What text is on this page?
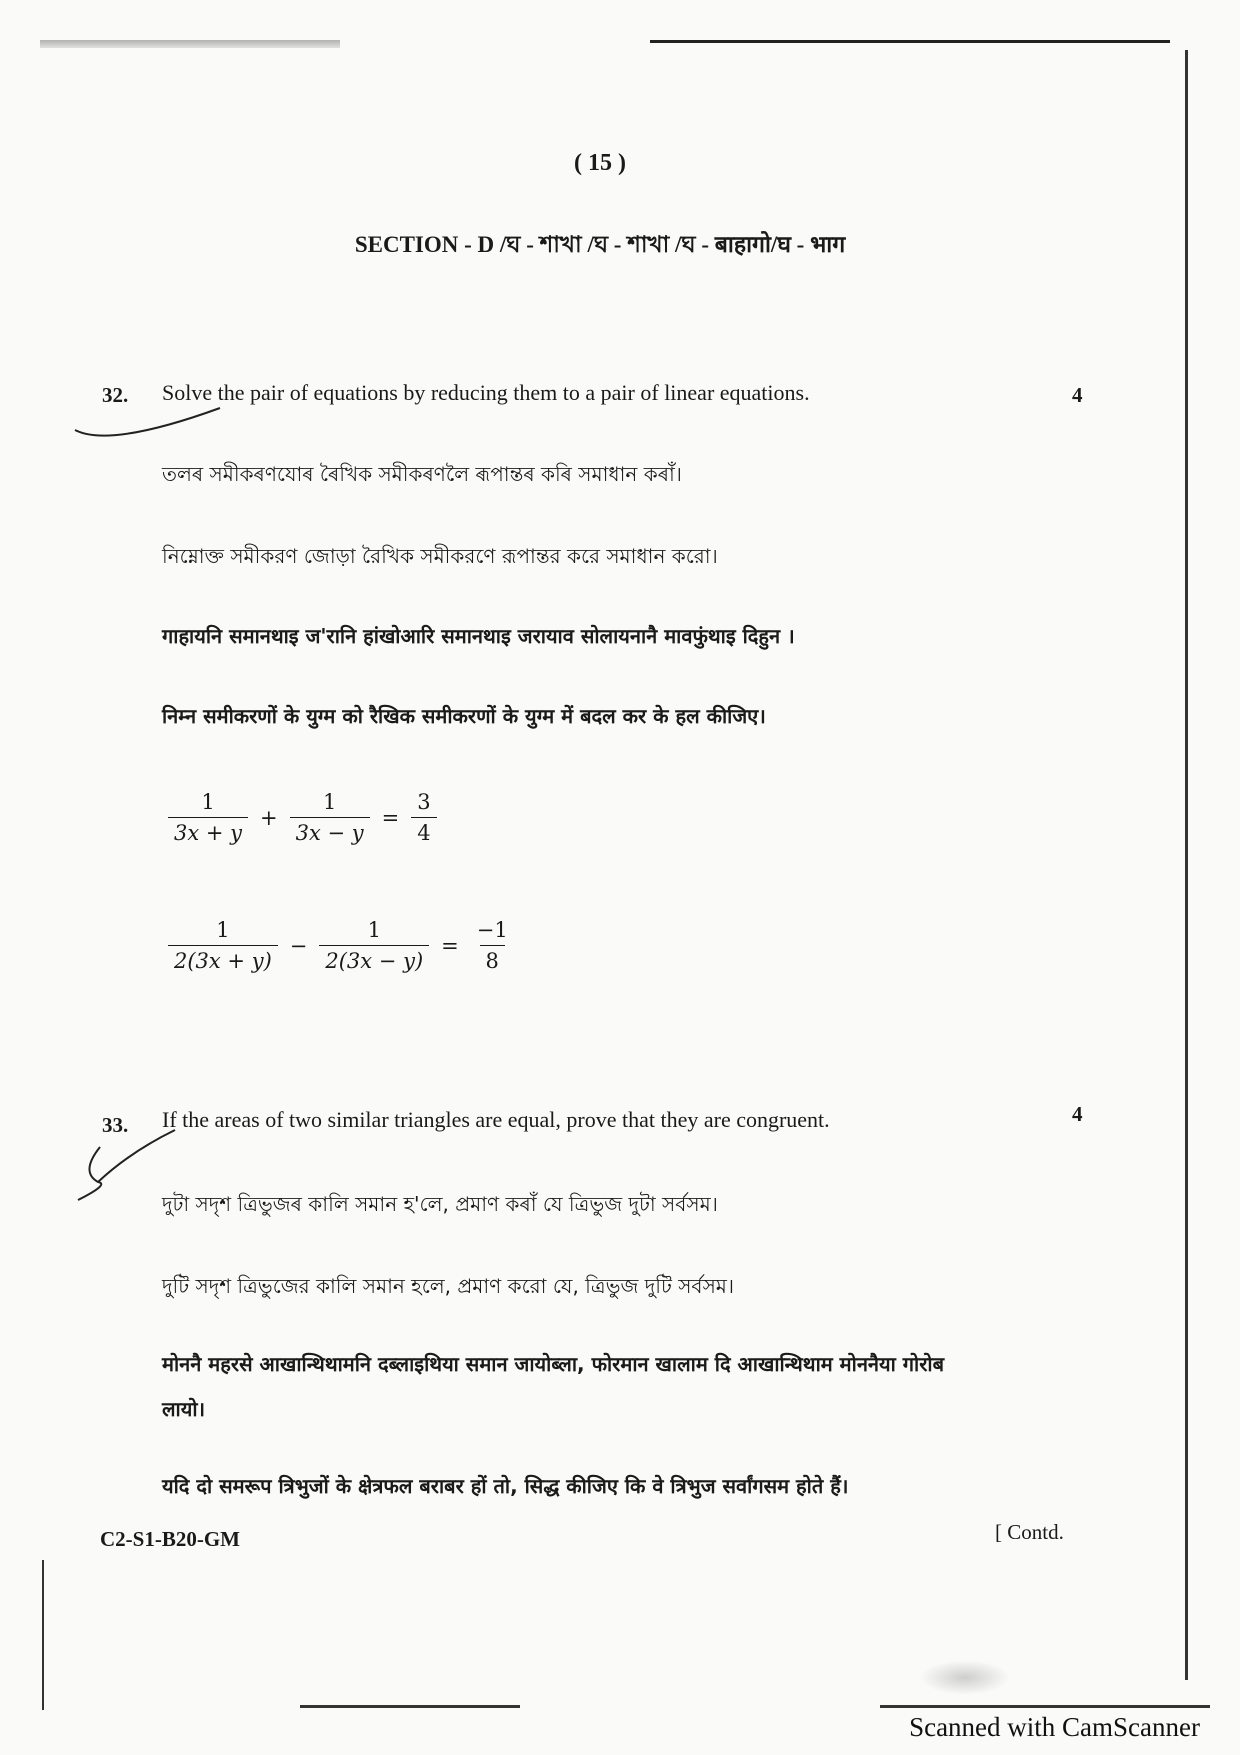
( 15 )
SECTION - D /ঘ - শাখা /ঘ - শাখা /ঘ - बाहागो/घ - भाग
32.	4
Solve the pair of equations by reducing them to a pair of linear equations.
তলৰ সমীকৰণযোৰ ৰৈখিক সমীকৰণলৈ ৰূপান্তৰ কৰি সমাধান কৰাঁ।
নিম্নোক্ত সমীকরণ জোড়া রৈখিক সমীকরণে রূপান্তর করে সমাধান করো।
गाहायनि समानथाइ ज'रानि हांखोआरि समानथाइ जरायाव सोलायनानै मावफुंथाइ दिहुन ।
निम्न समीकरणों के युग्म को रैखिक समीकरणों के युग्म में बदल कर के हल कीजिए।
$\frac{1}{3x + y} + \frac{1}{3x - y} = \frac{3}{4}$
$\frac{1}{2(3x + y)} - \frac{1}{2(3x - y)} = \frac{-1}{8}$
33.	4
If the areas of two similar triangles are equal, prove that they are congruent.
দুটা সদৃশ ত্ৰিভুজৰ কালি সমান হ'লে, প্ৰমাণ কৰাঁ যে ত্ৰিভুজ দুটা সৰ্বসম।
দুটি সদৃশ ত্রিভুজের কালি সমান হলে, প্রমাণ করো যে, ত্রিভুজ দুটি সর্বসম।
मोननै महरसे आखान्थिथामनि दब्लाइथिया समान जायोब्ला, फोरमान खालाम दि आखान्थिथाम मोननैया गोरोब
लायो।
यदि दो समरूप त्रिभुजों के क्षेत्रफल बराबर हों तो, सिद्ध कीजिए कि वे त्रिभुज सर्वांगसम होते हैं।
C2-S1-B20-GM	[ Contd.
Scanned with CamScanner
